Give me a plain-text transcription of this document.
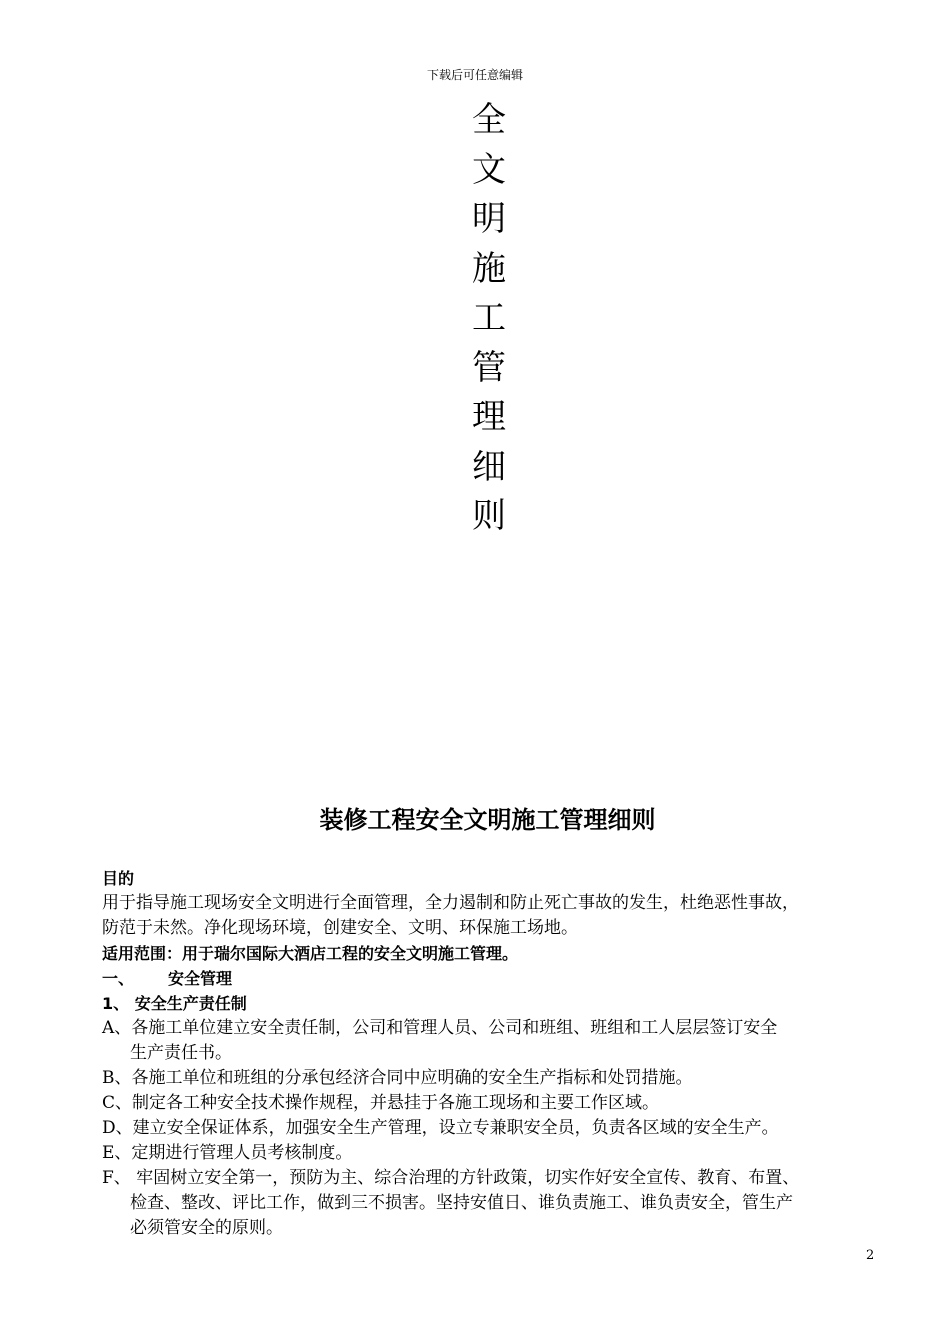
下载后可任意编辑
全
文
明
施
工
管
理
细
则
装修工程安全文明施工管理细则
目的
用于指导施工现场安全文明进行全面管理，全力遏制和防止死亡事故的发生，杜绝恶性事故，
防范于未然。净化现场环境，创建安全、文明、环保施工场地。
适用范围：用于瑞尔国际大酒店工程的安全文明施工管理。
一、	安全管理
1、 安全生产责任制
A、各施工单位建立安全责任制，公司和管理人员、公司和班组、班组和工人层层签订安全
生产责任书。
B、各施工单位和班组的分承包经济合同中应明确的安全生产指标和处罚措施。
C、制定各工种安全技术操作规程，并悬挂于各施工现场和主要工作区域。
D、建立安全保证体系，加强安全生产管理，设立专兼职安全员，负责各区域的安全生产。
E、定期进行管理人员考核制度。
F、 牢固树立安全第一，预防为主、综合治理的方针政策，切实作好安全宣传、教育、布置、
检查、整改、评比工作，做到三不损害。坚持安值日、谁负责施工、谁负责安全，管生产
必须管安全的原则。
2
